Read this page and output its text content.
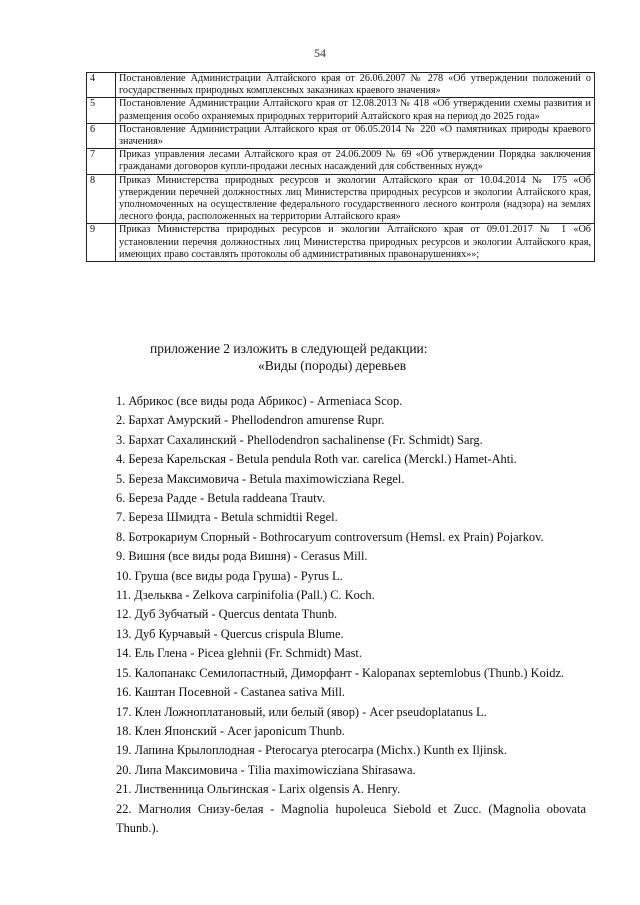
54
4	Постановление Администрации Алтайского края от 26.06.2007 № 278 «Об утверждении положений о государственных природных комплексных заказниках краевого значения»
5	Постановление Администрации Алтайского края от 12.08.2013 № 418 «Об утверждении схемы развития и размещения особо охраняемых природных территорий Алтайского края на период до 2025 года»
6	Постановление Администрации Алтайского края от 06.05.2014 № 220 «О памятниках природы краевого значения»
7	Приказ управления лесами Алтайского края от 24.06.2009 № 69 «Об утверждении Порядка заключения гражданами договоров купли-продажи лесных насаждений для собственных нужд»
8	Приказ Министерства природных ресурсов и экологии Алтайского края от 10.04.2014 № 175 «Об утверждении перечней должностных лиц Министерства природных ресурсов и экологии Алтайского края, уполномоченных на осуществление федерального государственного лесного контроля (надзора) на землях лесного фонда, расположенных на территории Алтайского края»
9	Приказ Министерства природных ресурсов и экологии Алтайского края от 09.01.2017 № 1 «Об установлении перечня должностных лиц Министерства природных ресурсов и экологии Алтайского края, имеющих право составлять протоколы об административных правонарушениях»»;
приложение 2 изложить в следующей редакции:
«Виды (породы) деревьев
1. Абрикос (все виды рода Абрикос) - Armeniaca Scop.
2. Бархат Амурский - Phellodendron amurense Rupr.
3. Бархат Сахалинский - Phellodendron sachalinense (Fr. Schmidt) Sarg.
4. Береза Карельская - Betula pendula Roth var. carelica (Merckl.) Hamet-Ahti.
5. Береза Максимовича - Betula maximowicziana Regel.
6. Береза Радде - Betula raddeana Trautv.
7. Береза Шмидта - Betula schmidtii Regel.
8. Ботрокариум Спорный - Bothrocaryum controversum (Hemsl. ex Prain) Pojarkov.
9. Вишня (все виды рода Вишня) - Cerasus Mill.
10. Груша (все виды рода Груша) - Pyrus L.
11. Дзельква - Zelkova carpinifolia (Pall.) C. Koch.
12. Дуб Зубчатый - Quercus dentata Thunb.
13. Дуб Курчавый - Quercus crispula Blume.
14. Ель Глена - Picea glehnii (Fr. Schmidt) Mast.
15. Калопанакс Семилопастный, Диморфант - Kalopanax septemlobus (Thunb.) Koidz.
16. Каштан Посевной - Castanea sativa Mill.
17. Клен Ложноплатановый, или белый (явор) - Acer pseudoplatanus L.
18. Клен Японский - Acer japonicum Thunb.
19. Лапина Крылоплодная - Pterocarya pterocarpa (Michx.) Kunth ex Iljinsk.
20. Липа Максимовича - Tilia maximowicziana Shirasawa.
21. Лиственница Ольгинская - Larix olgensis A. Henry.
22. Магнолия Снизу-белая - Magnolia hupoleuca Siebold et Zucc. (Magnolia obovata Thunb.).
